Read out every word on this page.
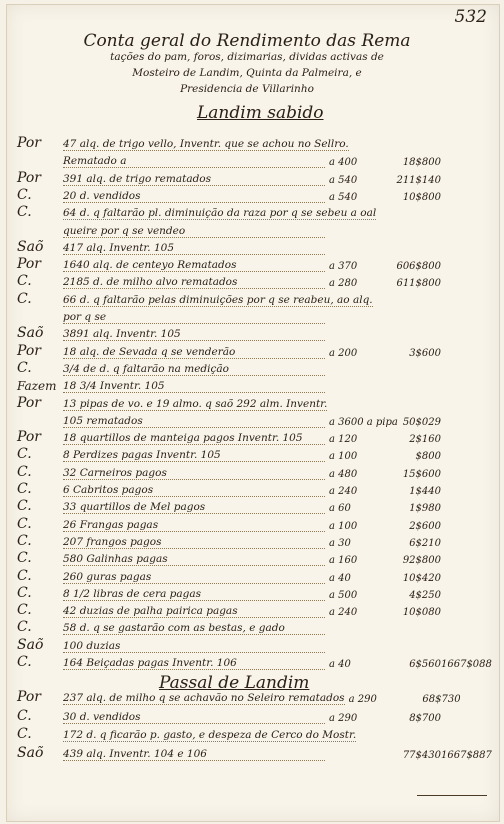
532
Conta geral do Rendimento das Rema
tações do pam, foros, dizimarias, dividas activas de
Mosteiro de Landim, Quinta da Palmeira, e
Presidencia de Villarinho
Landim sabido
Por	47 alq. de trigo vello, Inventr. que se achou no Sellro.
Rematado a	a 400	18$800
Por	391 alq. de trigo rematados	a 540	211$140
C.	20 d. vendidos	a 540	10$800
C.	64 d. q faltarão pl. diminuição da raza por q se sebeu a oal
queire por q se vendeo
Saõ	417 alq. Inventr. 105
Por	1640 alq. de centeyo Rematados	a 370	606$800
C.	2185 d. de milho alvo rematados	a 280	611$800
C.	66 d. q faltarão pelas diminuições por q se reabeu, ao alq.
por q se
Saõ	3891 alq. Inventr. 105
Por	18 alq. de Sevada q se venderão	a 200	3$600
C.	3/4 de d. q faltarão na medição
Fazem 18 3/4 Inventr. 105
Por	13 pipas de vo. e 19 almo. q saõ 292 alm. Inventr.
105 rematados	a 3600 a pipa 50$029
Por	18 quartillos de manteiga pagos Inventr. 105	a 120	2$160
C.	8 Perdizes pagas Inventr. 105	a 100	$800
C.	32 Carneiros pagos	a 480	15$600
C.	6 Cabritos pagos	a 240	1$440
C.	33 quartillos de Mel pagos	a 60	1$980
C.	26 Frangas pagas	a 100	2$600
C.	207 frangos pagos	a 30	6$210
C.	580 Galinhas pagas	a 160	92$800
C.	260 guras pagas	a 40	10$420
C.	8 1/2 libras de cera pagas	a 500	4$250
C.	42 duzias de palha pairica pagas	a 240	10$080
C.	58 d. q se gastarão com as bestas, e gado
Saõ	100 duzias
C.	164 Beiçadas pagas Inventr. 106	a 40	6$560 1667$088
Passal de Landim
Por	237 alq. de milho q se achavão no Seleiro rematados a 290	68$730
C.	30 d. vendidos	a 290	8$700
C.	172 d. q ficarão p. gasto, e despeza de Cerco do Mostr.
Saõ	439 alq. Inventr. 104 e 106	77$430 1667$887
